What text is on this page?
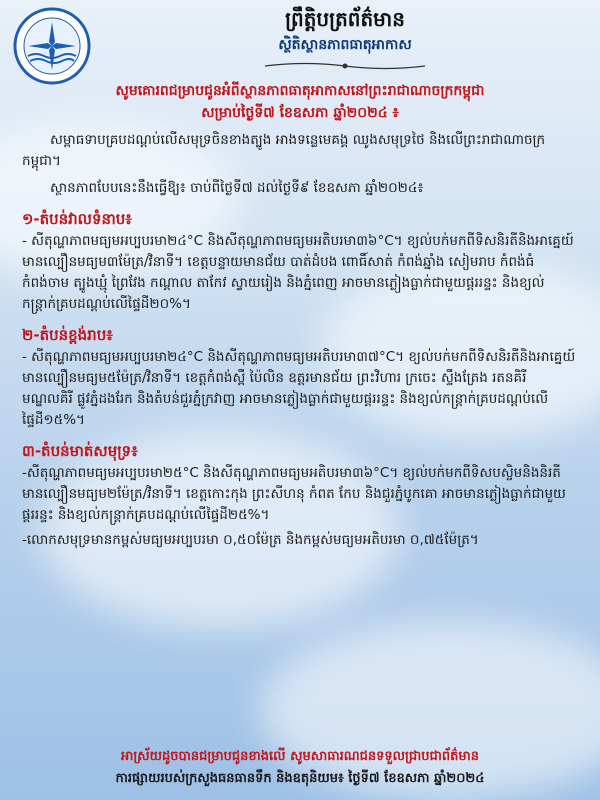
ព្រឹត្តិបត្រព័ត៌មាន
ស្ថិតិស្ថានភាពធាតុអាកាស
សូមគោរពជម្រាបជូនអំពីស្ថានភាពធាតុអាកាសនៅព្រះរាជាណាចក្រកម្ពុជា
សម្រាប់ថ្ងៃទី៧ ខែឧសភា ឆ្នាំ២០២៤ ៖

សម្ពាធទាបគ្របដណ្តប់លើសមុទ្រចិនខាងត្បូង អាងទន្លេមេគង្គ ឈូងសមុទ្រថៃ និងលើព្រះរាជាណាចក្រកម្ពុជា។

ស្ថានភាពបែបនេះនឹងធ្វើឱ្យ៖ ចាប់ពីថ្ងៃទី៧ ដល់ថ្ងៃទី៩ ខែឧសភា ឆ្នាំ២០២៤៖

១-តំបន់វាលទំនាប៖

- សីតុណ្ហភាពមធ្យមអប្បបរមា២៤°C និងសីតុណ្ហភាពមធ្យមអតិបរមា៣៦°C។ ខ្យល់បក់មកពីទិសនិរតីនិងអាគ្នេយ៍មានល្បឿនមធ្យម៣ម៉ែត្រ/វិនាទី។ ខេត្តបន្ទាយមានជ័យ បាត់ដំបង ពោធិ៍សាត់ កំពង់ឆ្នាំង សៀមរាប កំពង់ធំ កំពង់ចាម ត្បូងឃ្មុំ ព្រៃវែង កណ្តាល តាកែវ ស្វាយរៀង និងភ្នំពេញ អាចមានភ្លៀងធ្លាក់ជាមួយផ្គររន្ទះ និងខ្យល់កន្ត្រាក់គ្របដណ្ដប់លើផ្ទៃដី២០%។

២-តំបន់ខ្ពង់រាប៖

- សីតុណ្ហភាពមធ្យមអប្បបរមា២៤°C និងសីតុណ្ហភាពមធ្យមអតិបរមា៣៧°C។ ខ្យល់បក់មកពីទិសនិរតីនិងអាគ្នេយ៍មានល្បឿនមធ្យម៥ម៉ែត្រ/វិនាទី។ ខេត្តកំពង់ស្ពឺ ប៉ៃលិន ឧត្តរមានជ័យ ព្រះវិហារ ក្រចេះ ស្ទឹងត្រែង រតនគិរី មណ្ឌលគិរី ផ្លូវភ្នំដងរែក និងតំបន់ជួរភ្នំក្រវាញ អាចមានភ្លៀងធ្លាក់ជាមួយផ្គររន្ទះ និងខ្យល់កន្ត្រាក់គ្របដណ្ដប់លើផ្ទៃដី១៥%។

៣-តំបន់មាត់សមុទ្រ៖

-សីតុណ្ហភាពមធ្យមអប្បបរមា២៥°C និងសីតុណ្ហភាពមធ្យមអតិបរមា៣៦°C។ ខ្យល់បក់មកពីទិសបស្ចិមនិងនិរតីមានល្បឿនមធ្យម២ម៉ែត្រ/វិនាទី។ ខេត្តកោះកុង ព្រះសីហនុ កំពត កែប និងជួរភ្នំបូកគោ អាចមានភ្លៀងធ្លាក់ជាមួយផ្គររន្ទះ និងខ្យល់កន្ត្រាក់គ្របដណ្ដប់លើផ្ទៃដី២៥%។

-លោកសមុទ្រមានកម្ពស់មធ្យមអប្បបរមា ០,៥០ម៉ែត្រ និងកម្ពស់មធ្យមអតិបរមា ០,៧៥ម៉ែត្រ។

អាស្រ័យដូចបានជម្រាបជូនខាងលើ សូមសាធារណជនទទួលជ្រាបជាព័ត៌មាន
ការផ្សាយរបស់ក្រសួងធនធានទឹក និងឧតុនិយម៖ ថ្ងៃទី៧ ខែឧសភា ឆ្នាំ២០២៤
